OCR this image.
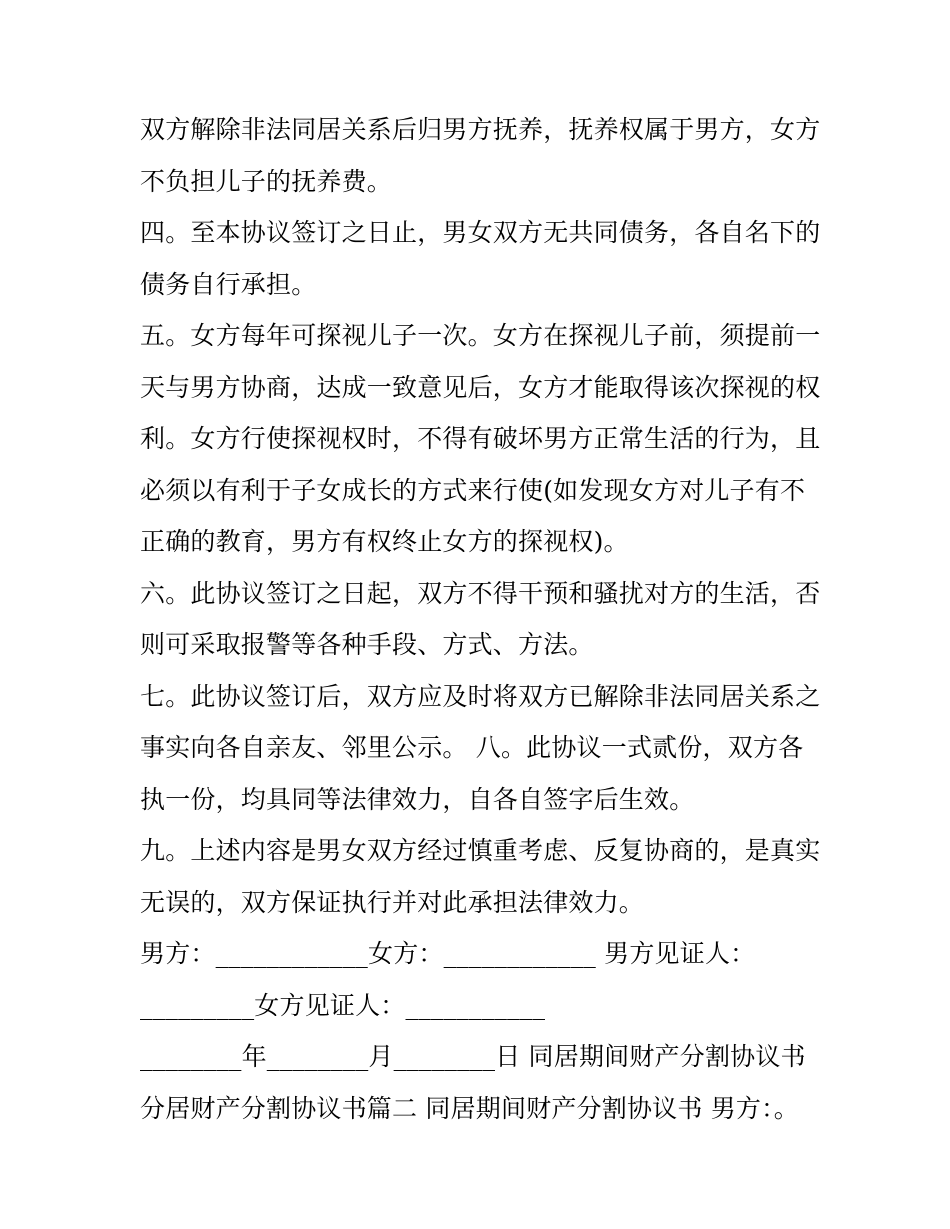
双方解除非法同居关系后归男方抚养，抚养权属于男方，女方
不负担儿子的抚养费。
四。至本协议签订之日止，男女双方无共同债务，各自名下的
债务自行承担。
五。女方每年可探视儿子一次。女方在探视儿子前，须提前一
天与男方协商，达成一致意见后，女方才能取得该次探视的权
利。女方行使探视权时，不得有破坏男方正常生活的行为，且
必须以有利于子女成长的方式来行使(如发现女方对儿子有不
正确的教育，男方有权终止女方的探视权)。
六。此协议签订之日起，双方不得干预和骚扰对方的生活，否
则可采取报警等各种手段、方式、方法。
七。此协议签订后，双方应及时将双方已解除非法同居关系之
事实向各自亲友、邻里公示。 八。此协议一式贰份，双方各
执一份，均具同等法律效力，自各自签字后生效。
九。上述内容是男女双方经过慎重考虑、反复协商的，是真实
无误的，双方保证执行并对此承担法律效力。
男方：____________女方：____________ 男方见证人：
_________女方见证人：___________
________年________月________日 同居期间财产分割协议书
分居财产分割协议书篇二 同居期间财产分割协议书 男方：。
